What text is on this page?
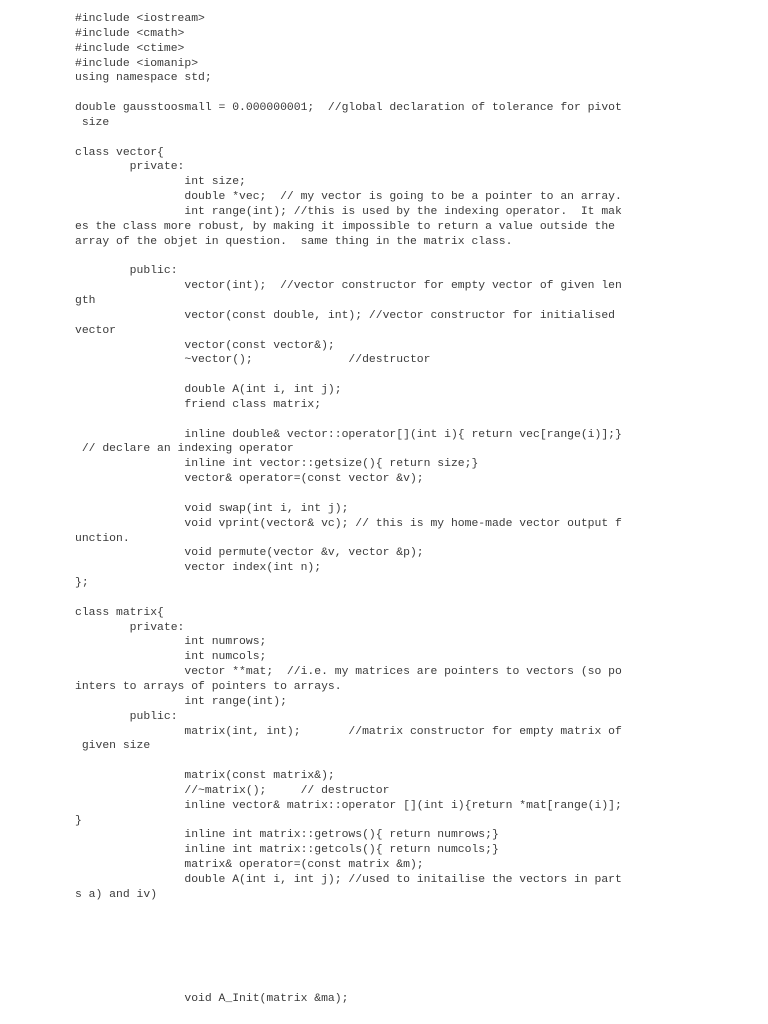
#include <iostream>
#include <cmath>
#include <ctime>
#include <iomanip>
using namespace std;
double gausstoosmall = 0.000000001;  //global declaration of tolerance for pivot
size
class vector{
private:
int size;
double *vec;  // my vector is going to be a pointer to an array.
int range(int); //this is used by the indexing operator.  It mak
es the class more robust, by making it impossible to return a value outside the
array of the objet in question.  same thing in the matrix class.
public:
vector(int);  //vector constructor for empty vector of given len
gth
vector(const double, int); //vector constructor for initialised
vector
vector(const vector&);
~vector();              //destructor
double A(int i, int j);
friend class matrix;
inline double& vector::operator[](int i){ return vec[range(i)];}
// declare an indexing operator
inline int vector::getsize(){ return size;}
vector& operator=(const vector &v);
void swap(int i, int j);
void vprint(vector& vc); // this is my home-made vector output f
unction.
void permute(vector &v, vector &p);
vector index(int n);
};
class matrix{
private:
int numrows;
int numcols;
vector **mat;  //i.e. my matrices are pointers to vectors (so po
inters to arrays of pointers to arrays.
int range(int);
public:
matrix(int, int);       //matrix constructor for empty matrix of
given size
matrix(const matrix&);
//~matrix();     // destructor
inline vector& matrix::operator [](int i){return *mat[range(i)];
}
inline int matrix::getrows(){ return numrows;}
inline int matrix::getcols(){ return numcols;}
matrix& operator=(const matrix &m);
double A(int i, int j); //used to initailise the vectors in part
s a) and iv)
void A_Init(matrix &ma);
